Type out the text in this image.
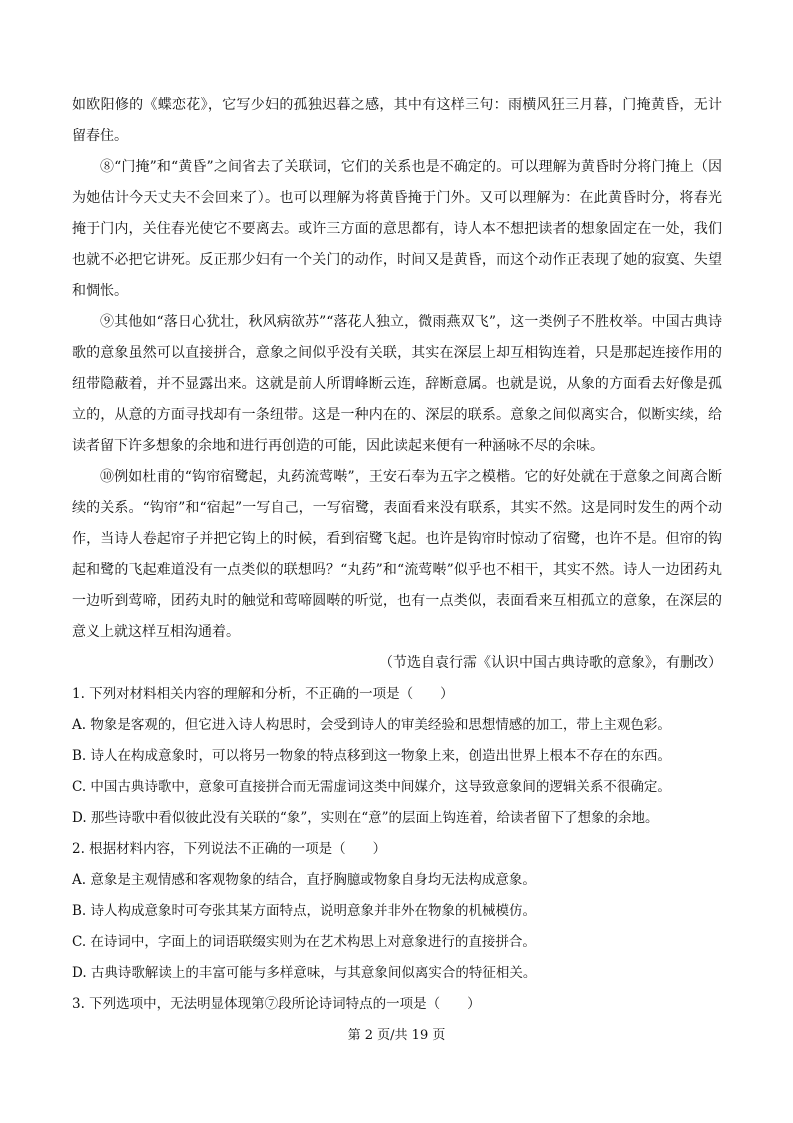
如欧阳修的《蝶恋花》，它写少妇的孤独迟暮之感，其中有这样三句：雨横风狂三月暮，门掩黄昏，无计留春住。

⑧“门掩”和“黄昏”之间省去了关联词，它们的关系也是不确定的。可以理解为黄昏时分将门掩上（因为她估计今天丈夫不会回来了）。也可以理解为将黄昏掩于门外。又可以理解为：在此黄昏时分，将春光掩于门内，关住春光使它不要离去。或许三方面的意思都有，诗人本不想把读者的想象固定在一处，我们也就不必把它讲死。反正那少妇有一个关门的动作，时间又是黄昏，而这个动作正表现了她的寂寞、失望和惆怅。

⑨其他如“落日心犹壮，秋风病欲苏”“落花人独立，微雨燕双飞”，这一类例子不胜枚举。中国古典诗歌的意象虽然可以直接拼合，意象之间似乎没有关联，其实在深层上却互相钩连着，只是那起连接作用的纽带隐蔽着，并不显露出来。这就是前人所谓峰断云连，辞断意属。也就是说，从象的方面看去好像是孤立的，从意的方面寻找却有一条纽带。这是一种内在的、深层的联系。意象之间似离实合，似断实续，给读者留下许多想象的余地和进行再创造的可能，因此读起来便有一种涵咏不尽的余味。

⑩例如杜甫的“钩帘宿鹭起，丸药流莺啭”，王安石奉为五字之模楷。它的好处就在于意象之间离合断续的关系。“钩帘”和“宿起”一写自己，一写宿鹭，表面看来没有联系，其实不然。这是同时发生的两个动作，当诗人卷起帘子并把它钩上的时候，看到宿鹭飞起。也许是钩帘时惊动了宿鹭，也许不是。但帘的钩起和鹭的飞起难道没有一点类似的联想吗？“丸药”和“流莺啭”似乎也不相干，其实不然。诗人一边团药丸一边听到莺啼，团药丸时的触觉和莺啼圆啭的听觉，也有一点类似，表面看来互相孤立的意象，在深层的意义上就这样互相沟通着。

（节选自袁行霈《认识中国古典诗歌的意象》，有删改）

1. 下列对材料相关内容的理解和分析，不正确的一项是（　　）

A. 物象是客观的，但它进入诗人构思时，会受到诗人的审美经验和思想情感的加工，带上主观色彩。

B. 诗人在构成意象时，可以将另一物象的特点移到这一物象上来，创造出世界上根本不存在的东西。

C. 中国古典诗歌中，意象可直接拼合而无需虚词这类中间媒介，这导致意象间的逻辑关系不很确定。

D. 那些诗歌中看似彼此没有关联的“象”，实则在“意”的层面上钩连着，给读者留下了想象的余地。

2. 根据材料内容，下列说法不正确的一项是（　　）

A. 意象是主观情感和客观物象的结合，直抒胸臆或物象自身均无法构成意象。

B. 诗人构成意象时可夸张其某方面特点，说明意象并非外在物象的机械模仿。

C. 在诗词中，字面上的词语联缀实则为在艺术构思上对意象进行的直接拼合。

D. 古典诗歌解读上的丰富可能与多样意味，与其意象间似离实合的特征相关。

3. 下列选项中，无法明显体现第⑦段所论诗词特点的一项是（　　）

第 2 页/共 19 页
